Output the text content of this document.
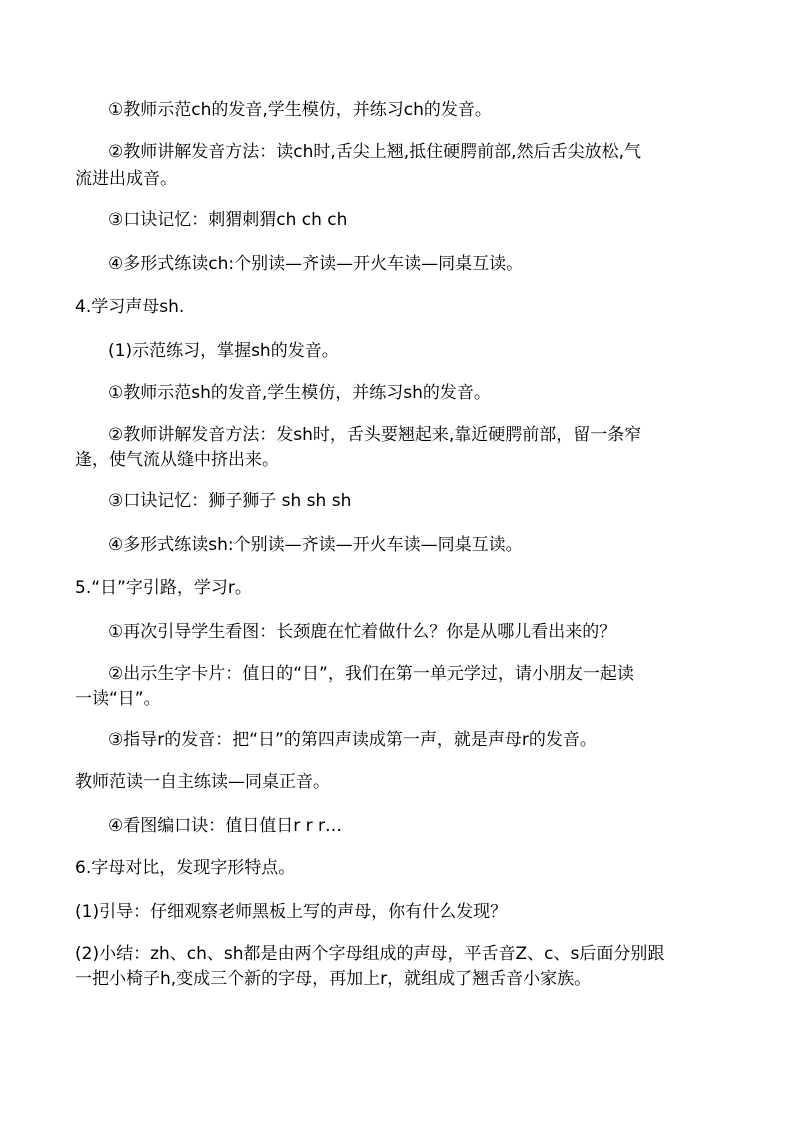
①教师示范ch的发音,学生模仿，并练习ch的发音。

②教师讲解发音方法：读ch时,舌尖上翘,抵住硬腭前部,然后舌尖放松,气

流进出成音。

③口诀记忆：刺猬刺猬ch ch ch

④多形式练读ch:个别读—齐读—开火车读—同桌互读。

4.学习声母sh.

(1)示范练习，掌握sh的发音。

①教师示范sh的发音,学生模仿，并练习sh的发音。

②教师讲解发音方法：发sh时，舌头要翘起来,靠近硬腭前部，留一条窄

逢，使气流从缝中挤出来。

③口诀记忆：狮子狮子 sh sh sh

④多形式练读sh:个别读—齐读—开火车读—同桌互读。

5.“日”字引路，学习r。

①再次引导学生看图：长颈鹿在忙着做什么？你是从哪儿看出来的？

②出示生字卡片：值日的“日”，我们在第一单元学过，请小朋友一起读

一读“日”。

③指导r的发音：把“日”的第四声读成第一声，就是声母r的发音。

教师范读一自主练读—同桌正音。

④看图编口诀：值日值日r r r…

6.字母对比，发现字形特点。

(1)引导：仔细观察老师黑板上写的声母，你有什么发现？

(2)小结：zh、ch、sh都是由两个字母组成的声母，平舌音Z、c、s后面分别跟

一把小椅子h,变成三个新的字母，再加上r，就组成了翘舌音小家族。
